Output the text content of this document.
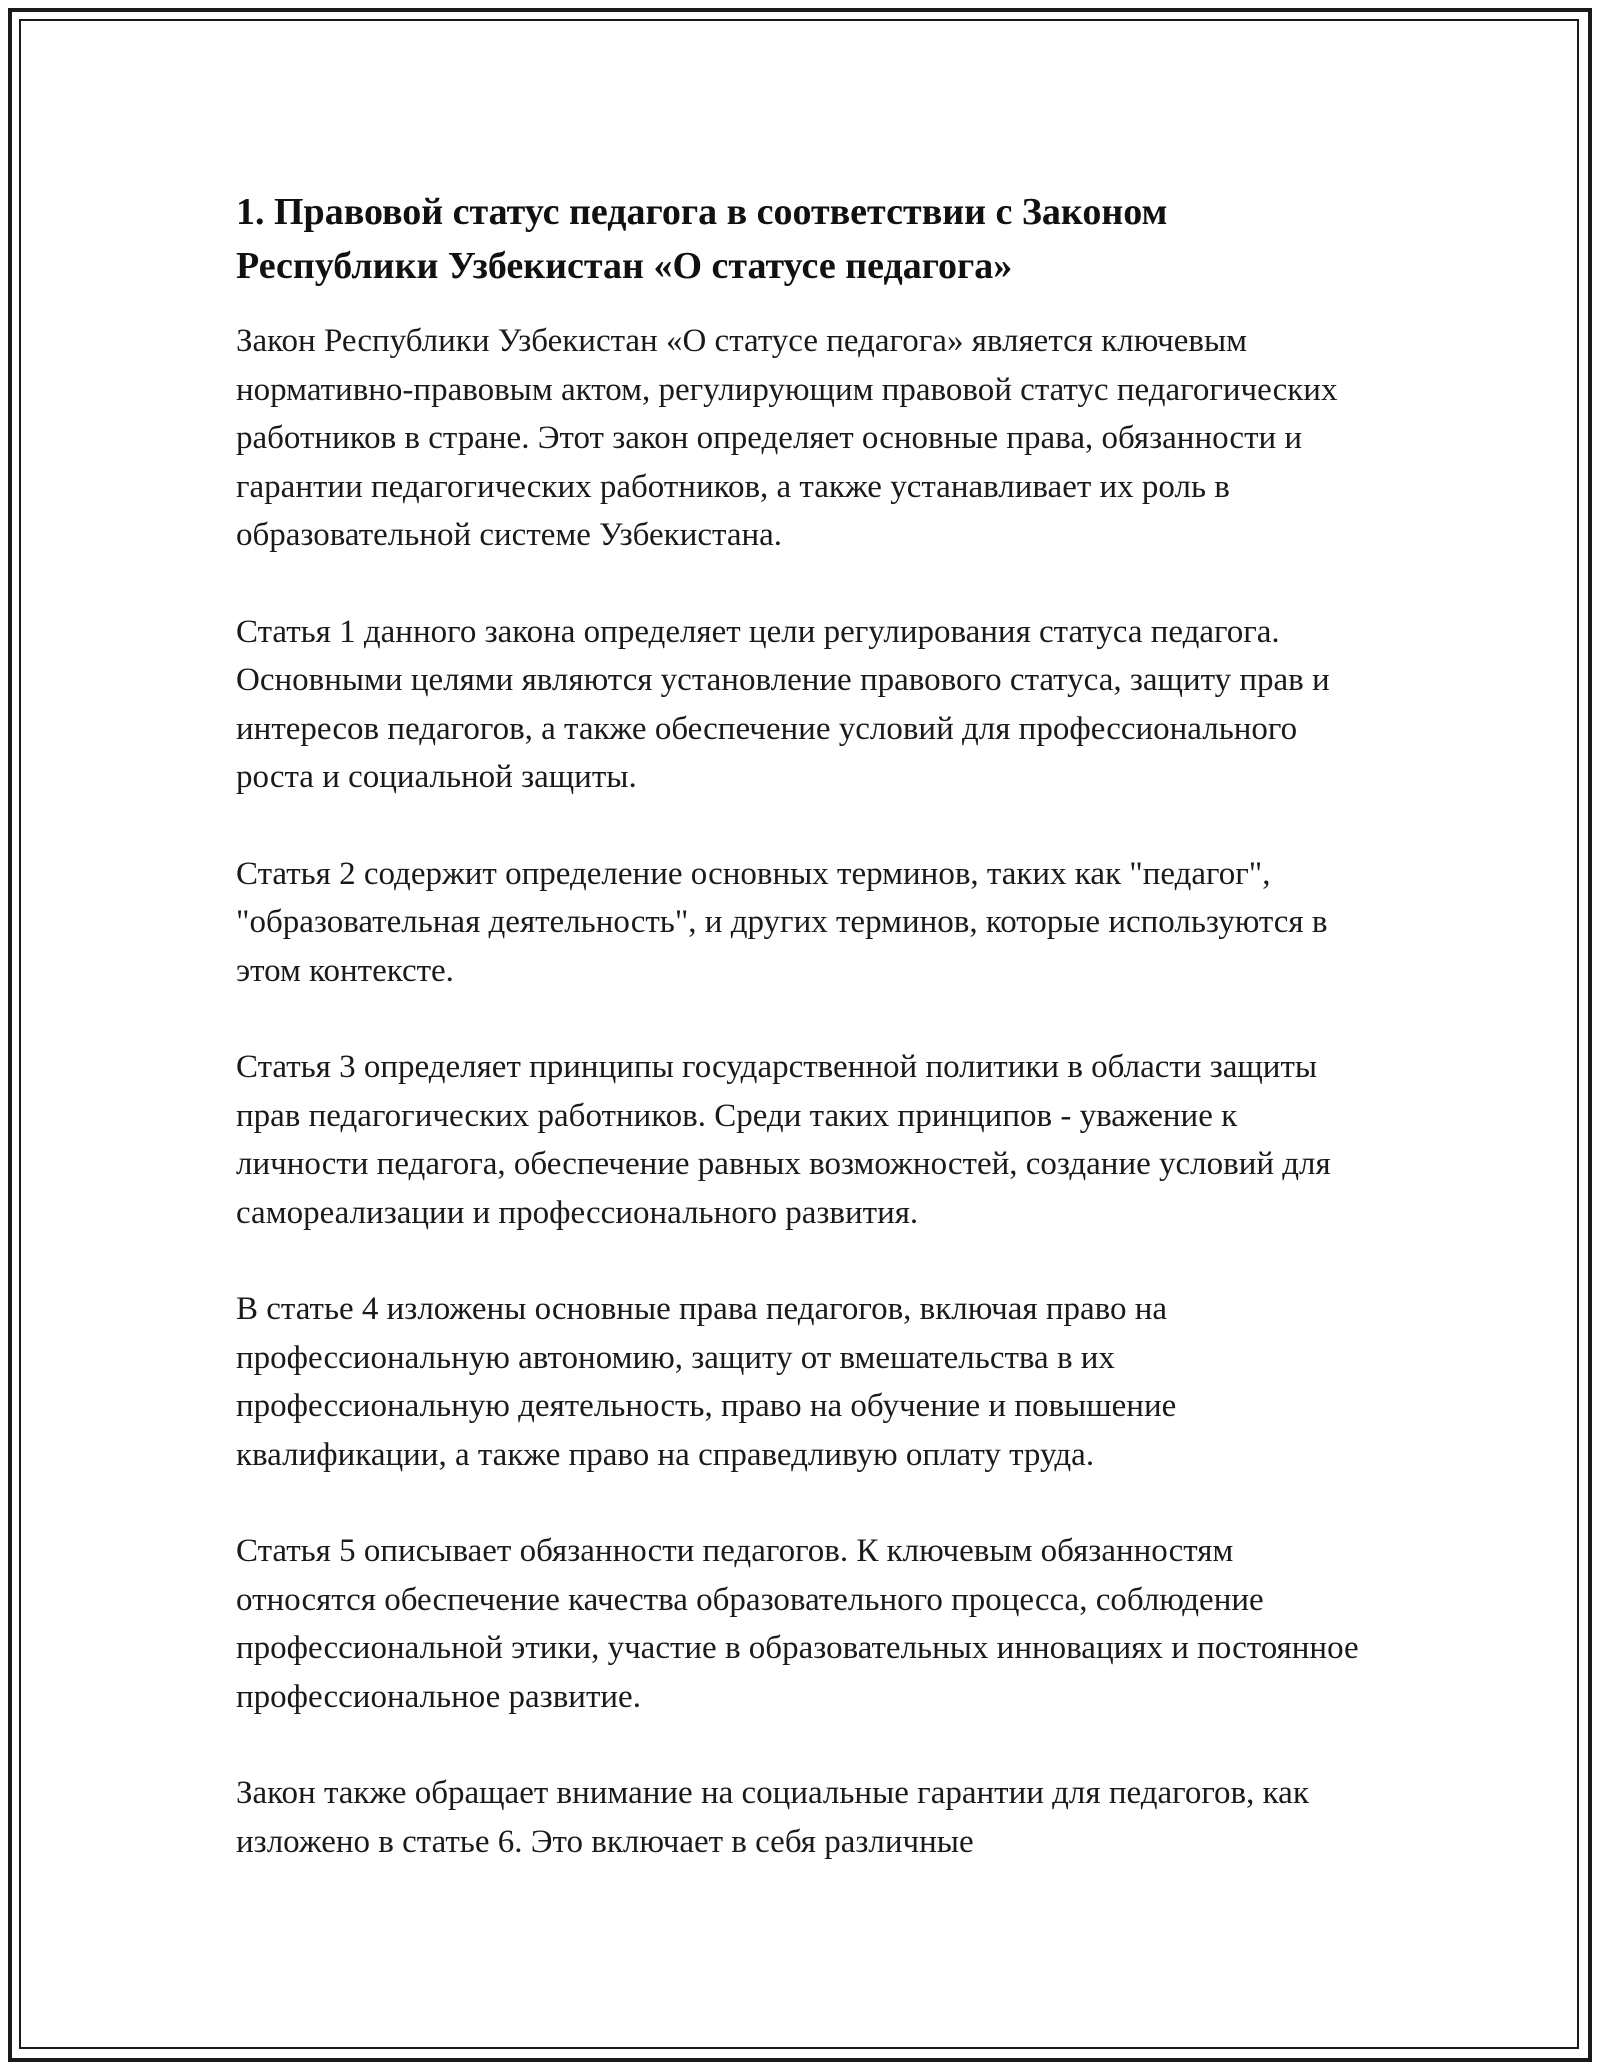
1. Правовой статус педагога в соответствии с Законом Республики Узбекистан «О статусе педагога»

Закон Республики Узбекистан «О статусе педагога» является ключевым нормативно-правовым актом, регулирующим правовой статус педагогических работников в стране. Этот закон определяет основные права, обязанности и гарантии педагогических работников, а также устанавливает их роль в образовательной системе Узбекистана.

Статья 1 данного закона определяет цели регулирования статуса педагога. Основными целями являются установление правового статуса, защиту прав и интересов педагогов, а также обеспечение условий для профессионального роста и социальной защиты.

Статья 2 содержит определение основных терминов, таких как "педагог", "образовательная деятельность", и других терминов, которые используются в этом контексте.

Статья 3 определяет принципы государственной политики в области защиты прав педагогических работников. Среди таких принципов - уважение к личности педагога, обеспечение равных возможностей, создание условий для самореализации и профессионального развития.

В статье 4 изложены основные права педагогов, включая право на профессиональную автономию, защиту от вмешательства в их профессиональную деятельность, право на обучение и повышение квалификации, а также право на справедливую оплату труда.

Статья 5 описывает обязанности педагогов. К ключевым обязанностям относятся обеспечение качества образовательного процесса, соблюдение профессиональной этики, участие в образовательных инновациях и постоянное профессиональное развитие.

Закон также обращает внимание на социальные гарантии для педагогов, как изложено в статье 6. Это включает в себя различные
